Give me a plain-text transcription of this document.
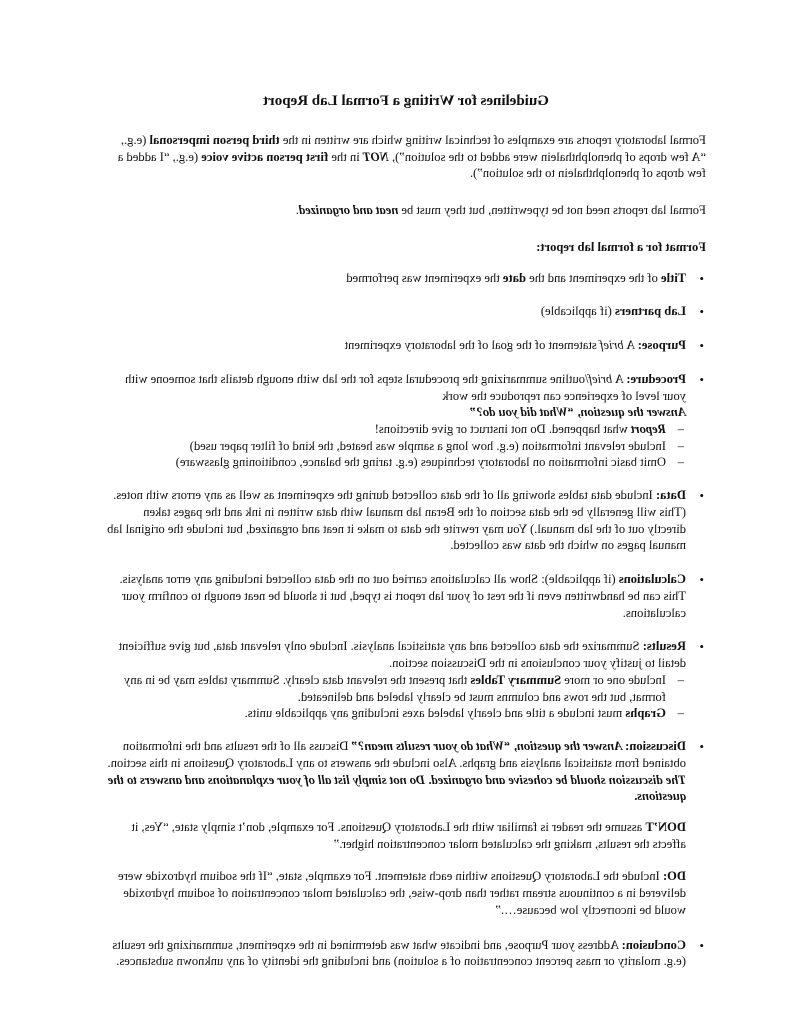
Guidelines for Writing a Formal Lab Report

Formal laboratory reports are examples of technical writing which are written in the third person impersonal (e.g., “A few drops of phenolphthalein were added to the solution”), NOT in the first person active voice (e.g., “I added a few drops of phenolphthalein to the solution”).

Formal lab reports need not be typewritten, but they must be neat and organized.

Format for a formal lab report:
• Title of the experiment and the date the experiment was performed
• Lab partners (if applicable)
• Purpose: A brief statement of the goal of the laboratory experiment
• Procedure: A brief/outline summarizing the procedural steps for the lab with enough details that someone with your level of experience can reproduce the work
Answer the question, “What did you do?”
– Report what happened. Do not instruct or give directions!
– Include relevant information (e.g. how long a sample was heated, the kind of filter paper used)
– Omit basic information on laboratory techniques (e.g. taring the balance, conditioning glassware)
• Data: Include data tables showing all of the data collected during the experiment as well as any errors with notes. (This will generally be the data section of the Beran lab manual with data written in ink and the pages taken directly out of the lab manual.) You may rewrite the data to make it neat and organized, but include the original lab manual pages on which the data was collected.
• Calculations (if applicable): Show all calculations carried out on the data collected including any error analysis. This can be handwritten even if the rest of your lab report is typed, but it should be neat enough to confirm your calculations.
• Results: Summarize the data collected and any statistical analysis. Include only relevant data, but give sufficient detail to justify your conclusions in the Discussion section.
– Include one or more Summary Tables that present the relevant data clearly. Summary tables may be in any format, but the rows and columns must be clearly labeled and delineated.
– Graphs must include a title and clearly labeled axes including any applicable units.
• Discussion: Answer the question, “What do your results mean?” Discuss all of the results and the information obtained from statistical analysis and graphs. Also include the answers to any Laboratory Questions in this section. The discussion should be cohesive and organized. Do not simply list all of your explanations and answers to the questions.
DON’T assume the reader is familiar with the Laboratory Questions. For example, don’t simply state, “Yes, it affects the results, making the calculated molar concentration higher.”
DO: Include the Laboratory Questions within each statement. For example, state, “If the sodium hydroxide were delivered in a continuous stream rather than drop-wise, the calculated molar concentration of sodium hydroxide would be incorrectly low because….”
• Conclusion: Address your Purpose, and indicate what was determined in the experiment, summarizing the results (e.g. molarity or mass percent concentration of a solution) and including the identity of any unknown substances.
